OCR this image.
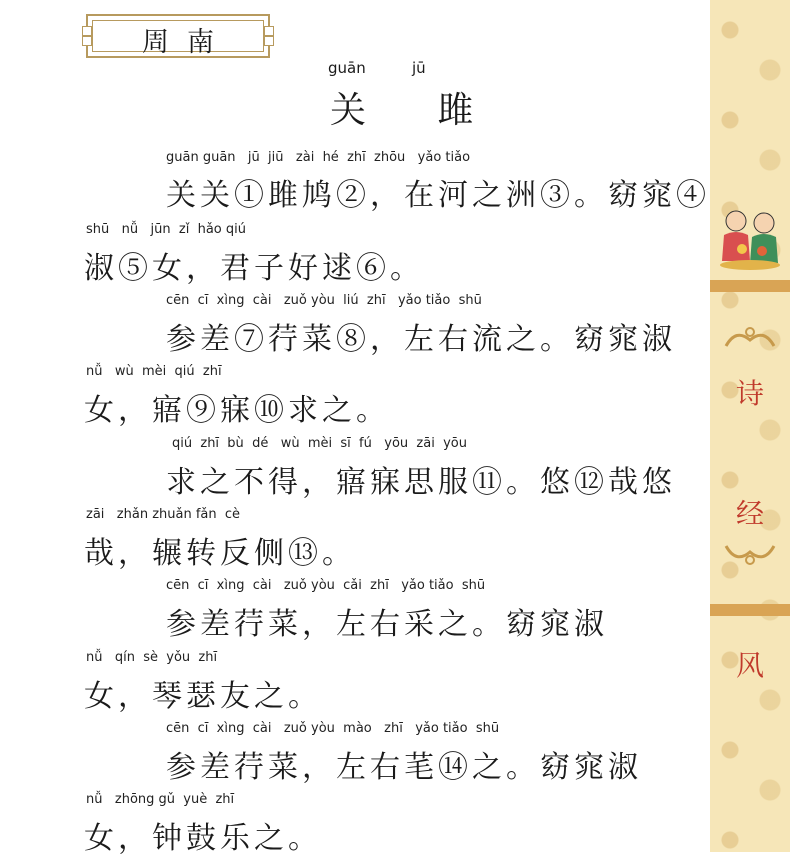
周南
guān	jū
关 雎
guān guān   jū  jiū   zài  hé  zhī  zhōu   yǎo tiǎo
关关①雎鸠②，在河之洲③。窈窕④
shū   nǚ   jūn  zǐ  hǎo qiú
淑⑤女，君子好逑⑥。
cēn  cī  xìng  cài   zuǒ yòu  liú  zhī   yǎo tiǎo  shū
参差⑦荇菜⑧，左右流之。窈窕淑
nǚ   wù  mèi  qiú  zhī
女，寤⑨寐⑩求之。
qiú  zhī  bù  dé   wù  mèi  sī  fú   yōu  zāi  yōu
求之不得，寤寐思服⑪。悠⑫哉悠
zāi   zhǎn zhuǎn fǎn  cè
哉，辗转反侧⑬。
cēn  cī  xìng  cài   zuǒ yòu  cǎi  zhī   yǎo tiǎo  shū
参差荇菜，左右采之。窈窕淑
nǚ   qín  sè  yǒu  zhī
女，琴瑟友之。
cēn  cī  xìng  cài   zuǒ yòu  mào   zhī   yǎo tiǎo  shū
参差荇菜，左右芼⑭之。窈窕淑
nǚ   zhōng gǔ  yuè  zhī
女，钟鼓乐之。
诗
经
风
